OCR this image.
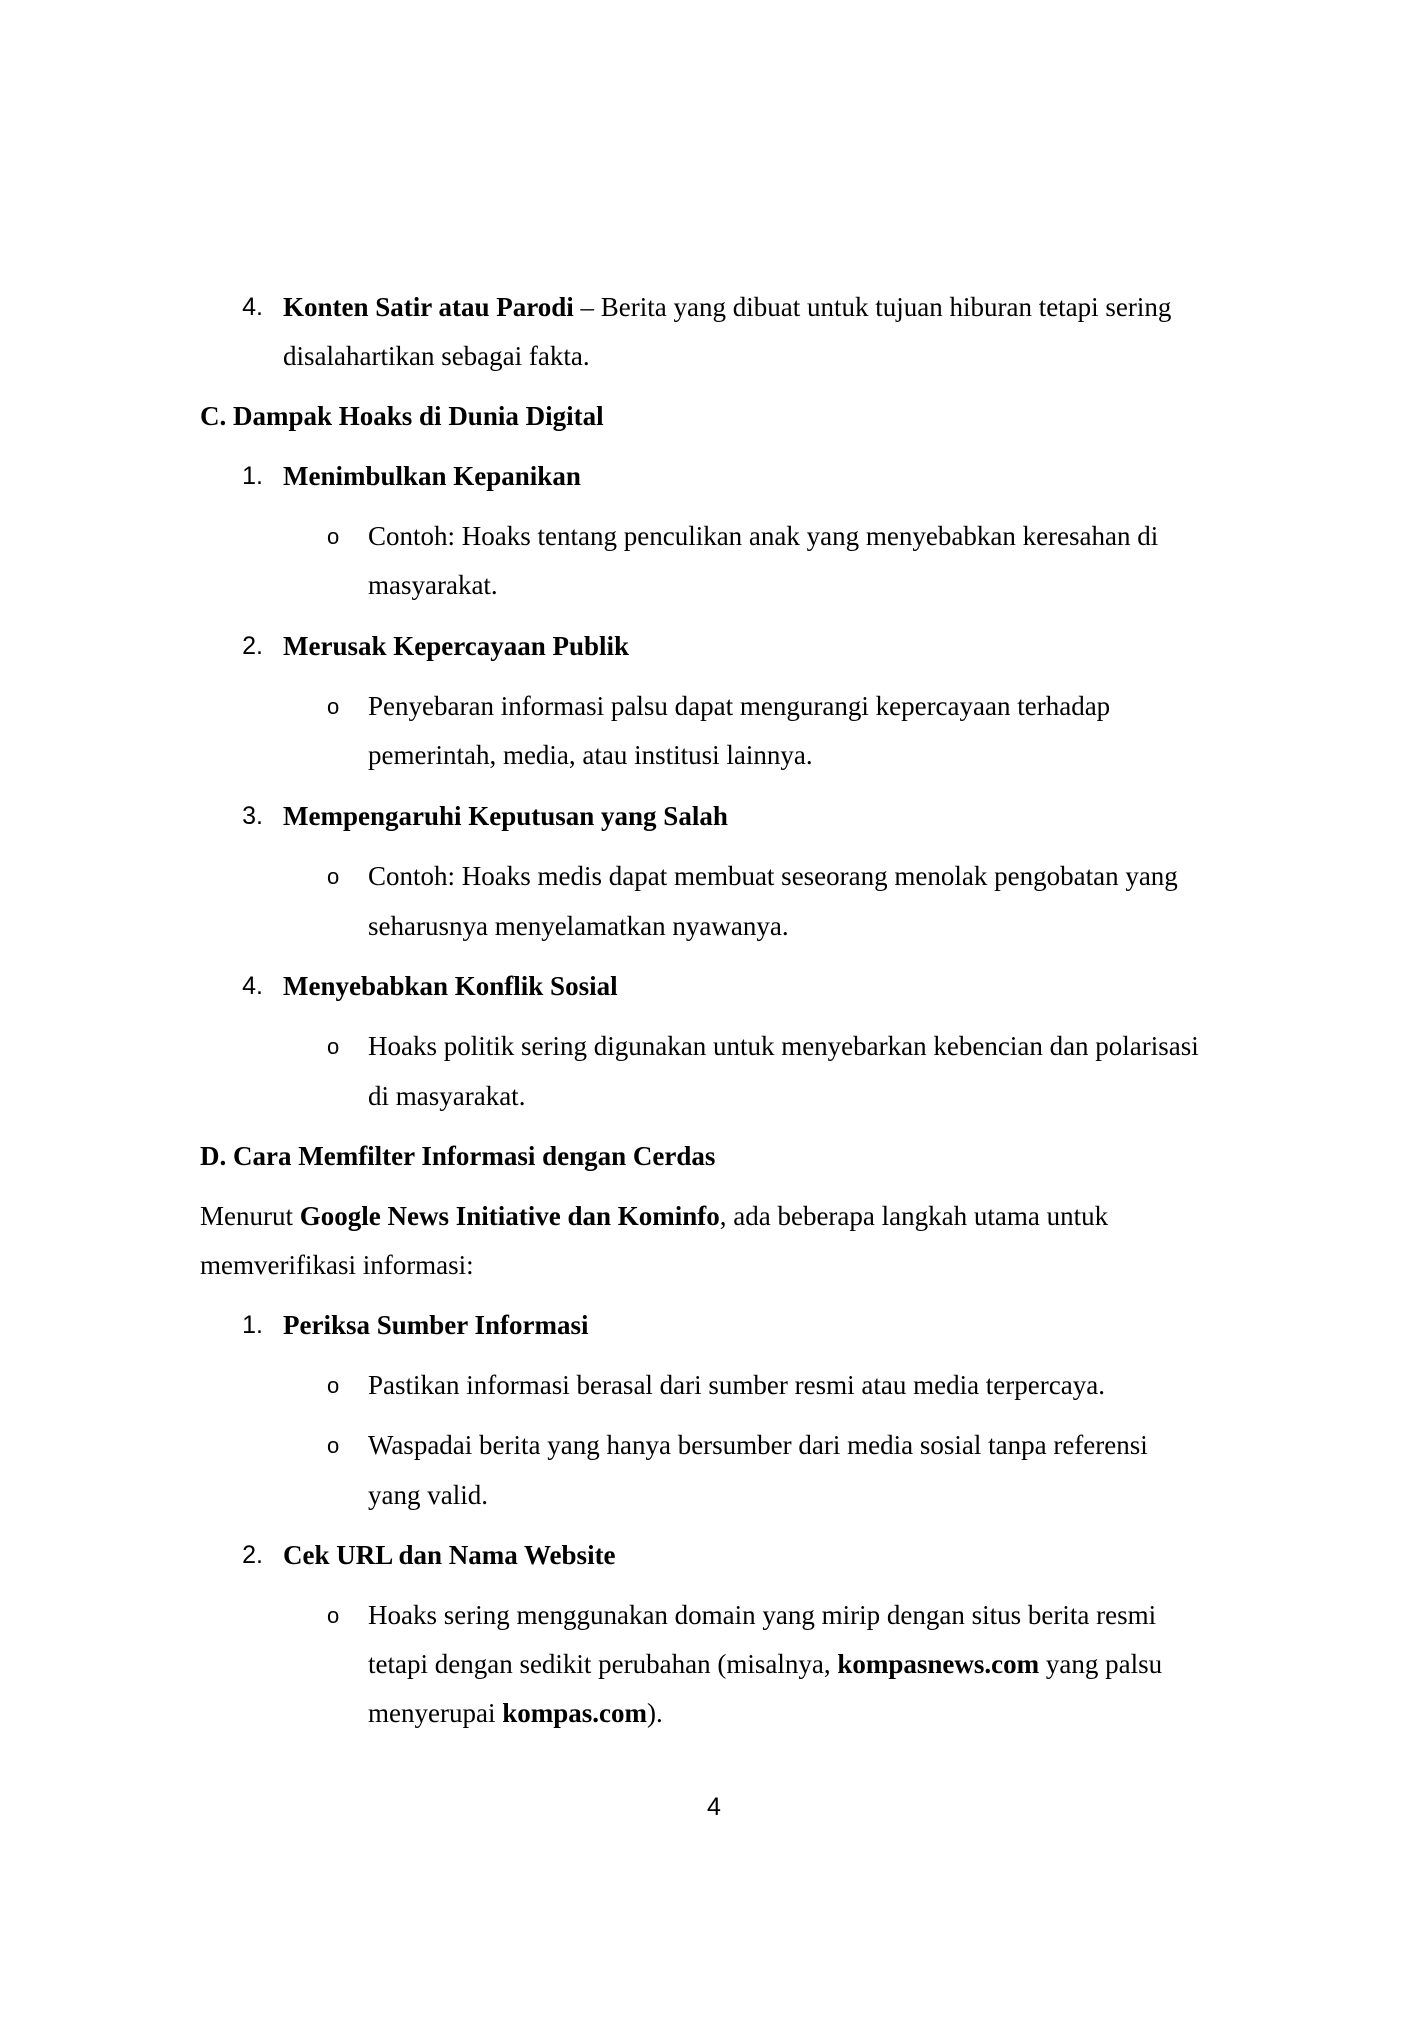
4. Konten Satir atau Parodi – Berita yang dibuat untuk tujuan hiburan tetapi sering
disalahartikan sebagai fakta.
C. Dampak Hoaks di Dunia Digital
1. Menimbulkan Kepanikan
o Contoh: Hoaks tentang penculikan anak yang menyebabkan keresahan di
masyarakat.
2. Merusak Kepercayaan Publik
o Penyebaran informasi palsu dapat mengurangi kepercayaan terhadap
pemerintah, media, atau institusi lainnya.
3. Mempengaruhi Keputusan yang Salah
o Contoh: Hoaks medis dapat membuat seseorang menolak pengobatan yang
seharusnya menyelamatkan nyawanya.
4. Menyebabkan Konflik Sosial
o Hoaks politik sering digunakan untuk menyebarkan kebencian dan polarisasi
di masyarakat.
D. Cara Memfilter Informasi dengan Cerdas
Menurut Google News Initiative dan Kominfo, ada beberapa langkah utama untuk
memverifikasi informasi:
1. Periksa Sumber Informasi
o Pastikan informasi berasal dari sumber resmi atau media terpercaya.
o Waspadai berita yang hanya bersumber dari media sosial tanpa referensi
yang valid.
2. Cek URL dan Nama Website
o Hoaks sering menggunakan domain yang mirip dengan situs berita resmi
tetapi dengan sedikit perubahan (misalnya, kompasnews.com yang palsu
menyerupai kompas.com).
4
